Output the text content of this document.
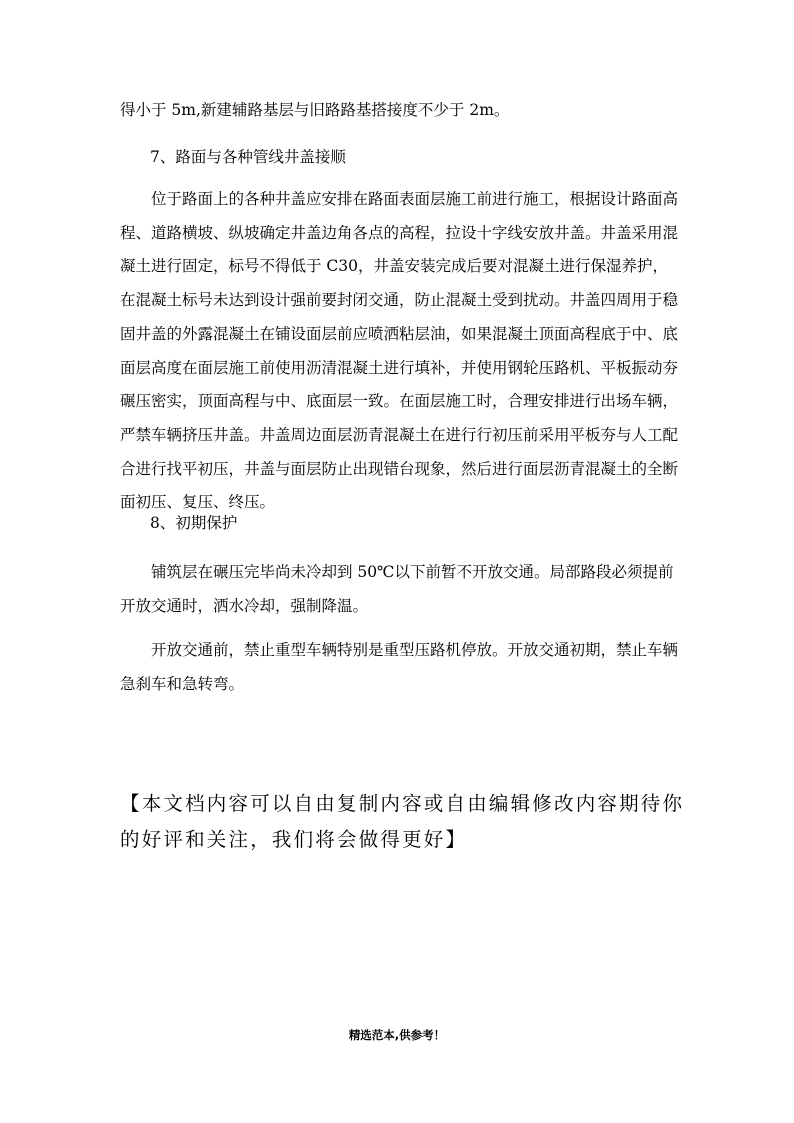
得小于 5m,新建辅路基层与旧路路基搭接度不少于 2m。
7、路面与各种管线井盖接顺
位于路面上的各种井盖应安排在路面表面层施工前进行施工，根据设计路面高程、道路横坡、纵坡确定井盖边角各点的高程，拉设十字线安放井盖。井盖采用混凝土进行固定，标号不得低于 C30，井盖安装完成后要对混凝土进行保湿养护，在混凝土标号未达到设计强前要封闭交通，防止混凝土受到扰动。井盖四周用于稳固井盖的外露混凝土在铺设面层前应喷洒粘层油，如果混凝土顶面高程底于中、底面层高度在面层施工前使用沥清混凝土进行填补，并使用钢轮压路机、平板振动夯碾压密实，顶面高程与中、底面层一致。在面层施工时，合理安排进行出场车辆，严禁车辆挤压井盖。井盖周边面层沥青混凝土在进行行初压前采用平板夯与人工配合进行找平初压，井盖与面层防止出现错台现象，然后进行面层沥青混凝土的全断面初压、复压、终压。
8、初期保护
铺筑层在碾压完毕尚未冷却到 50℃以下前暂不开放交通。局部路段必须提前开放交通时，洒水冷却，强制降温。
开放交通前，禁止重型车辆特别是重型压路机停放。开放交通初期，禁止车辆急刹车和急转弯。
【本文档内容可以自由复制内容或自由编辑修改内容期待你的好评和关注，我们将会做得更好】
精选范本,供参考！
